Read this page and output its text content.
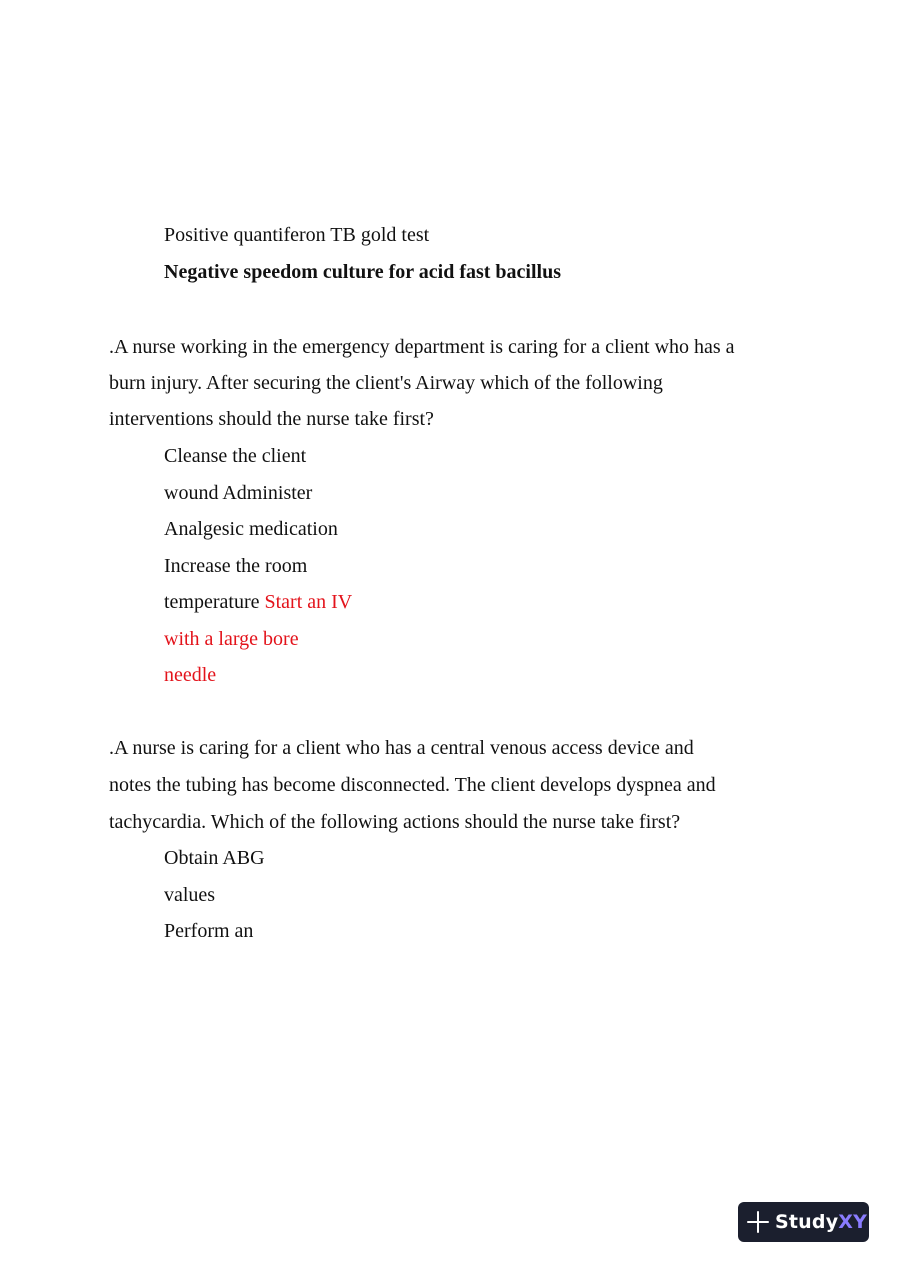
Positive quantiferon TB gold test
Negative speedom culture for acid fast bacillus
.A nurse working in the emergency department is caring for a client who has a
burn injury. After securing the client's Airway which of the following
interventions should the nurse take first?
Cleanse the client
wound Administer
Analgesic medication
Increase the room
temperature Start an IV
with a large bore
needle
.A nurse is caring for a client who has a central venous access device and
notes the tubing has become disconnected. The client develops dyspnea and
tachycardia. Which of the following actions should the nurse take first?
Obtain ABG
values
Perform an
StudyXY
